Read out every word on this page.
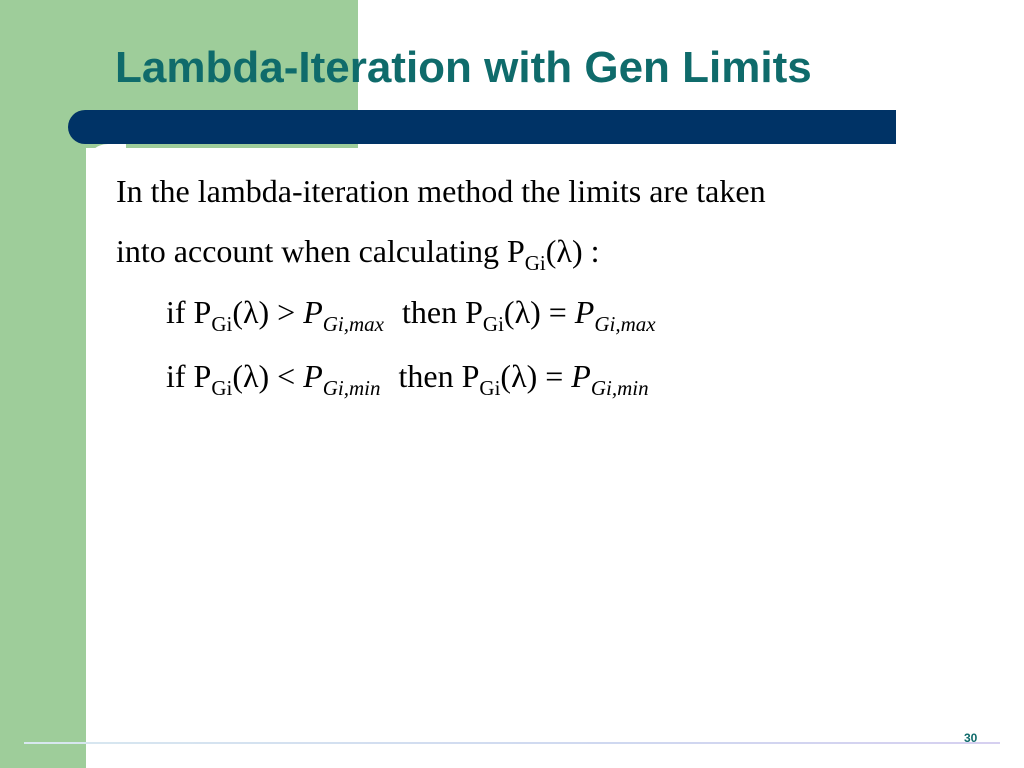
Lambda-Iteration with Gen Limits
In the lambda-iteration method the limits are taken
into account when calculating $P_{Gi}(\lambda)$ :
if $P_{Gi}(\lambda) > P_{Gi,max}$ then $P_{Gi}(\lambda) = P_{Gi,max}$
if $P_{Gi}(\lambda) < P_{Gi,min}$ then $P_{Gi}(\lambda) = P_{Gi,min}$
30
